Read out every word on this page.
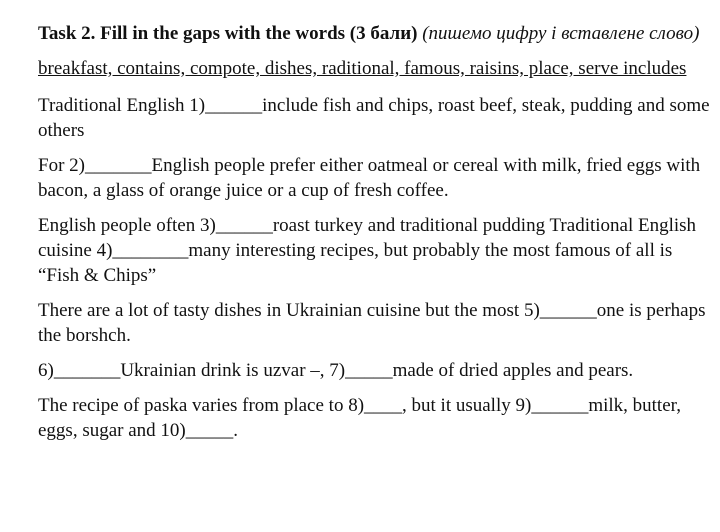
Task 2. Fill in the gaps with the words (3 бали) (пишемо цифру і вставлене слово)
breakfast, contains, compote, dishes, raditional, famous, raisins, place, serve includes
Traditional English 1)______include fish and chips, roast beef, steak, pudding and some others
For 2)_______English people prefer either oatmeal or cereal with milk, fried eggs with bacon, a glass of orange juice or a cup of fresh coffee.
English people often 3)______roast turkey and traditional pudding Traditional English cuisine 4)________many interesting recipes, but probably the most famous of all is “Fish & Chips”
There are a lot of tasty dishes in Ukrainian cuisine but the most 5)______one is perhaps the borshch.
6)_______Ukrainian drink is uzvar –, 7)_____made of dried apples and pears.
The recipe of paska varies from place to 8)____, but it usually 9)______milk, butter, eggs, sugar and 10)_____.
